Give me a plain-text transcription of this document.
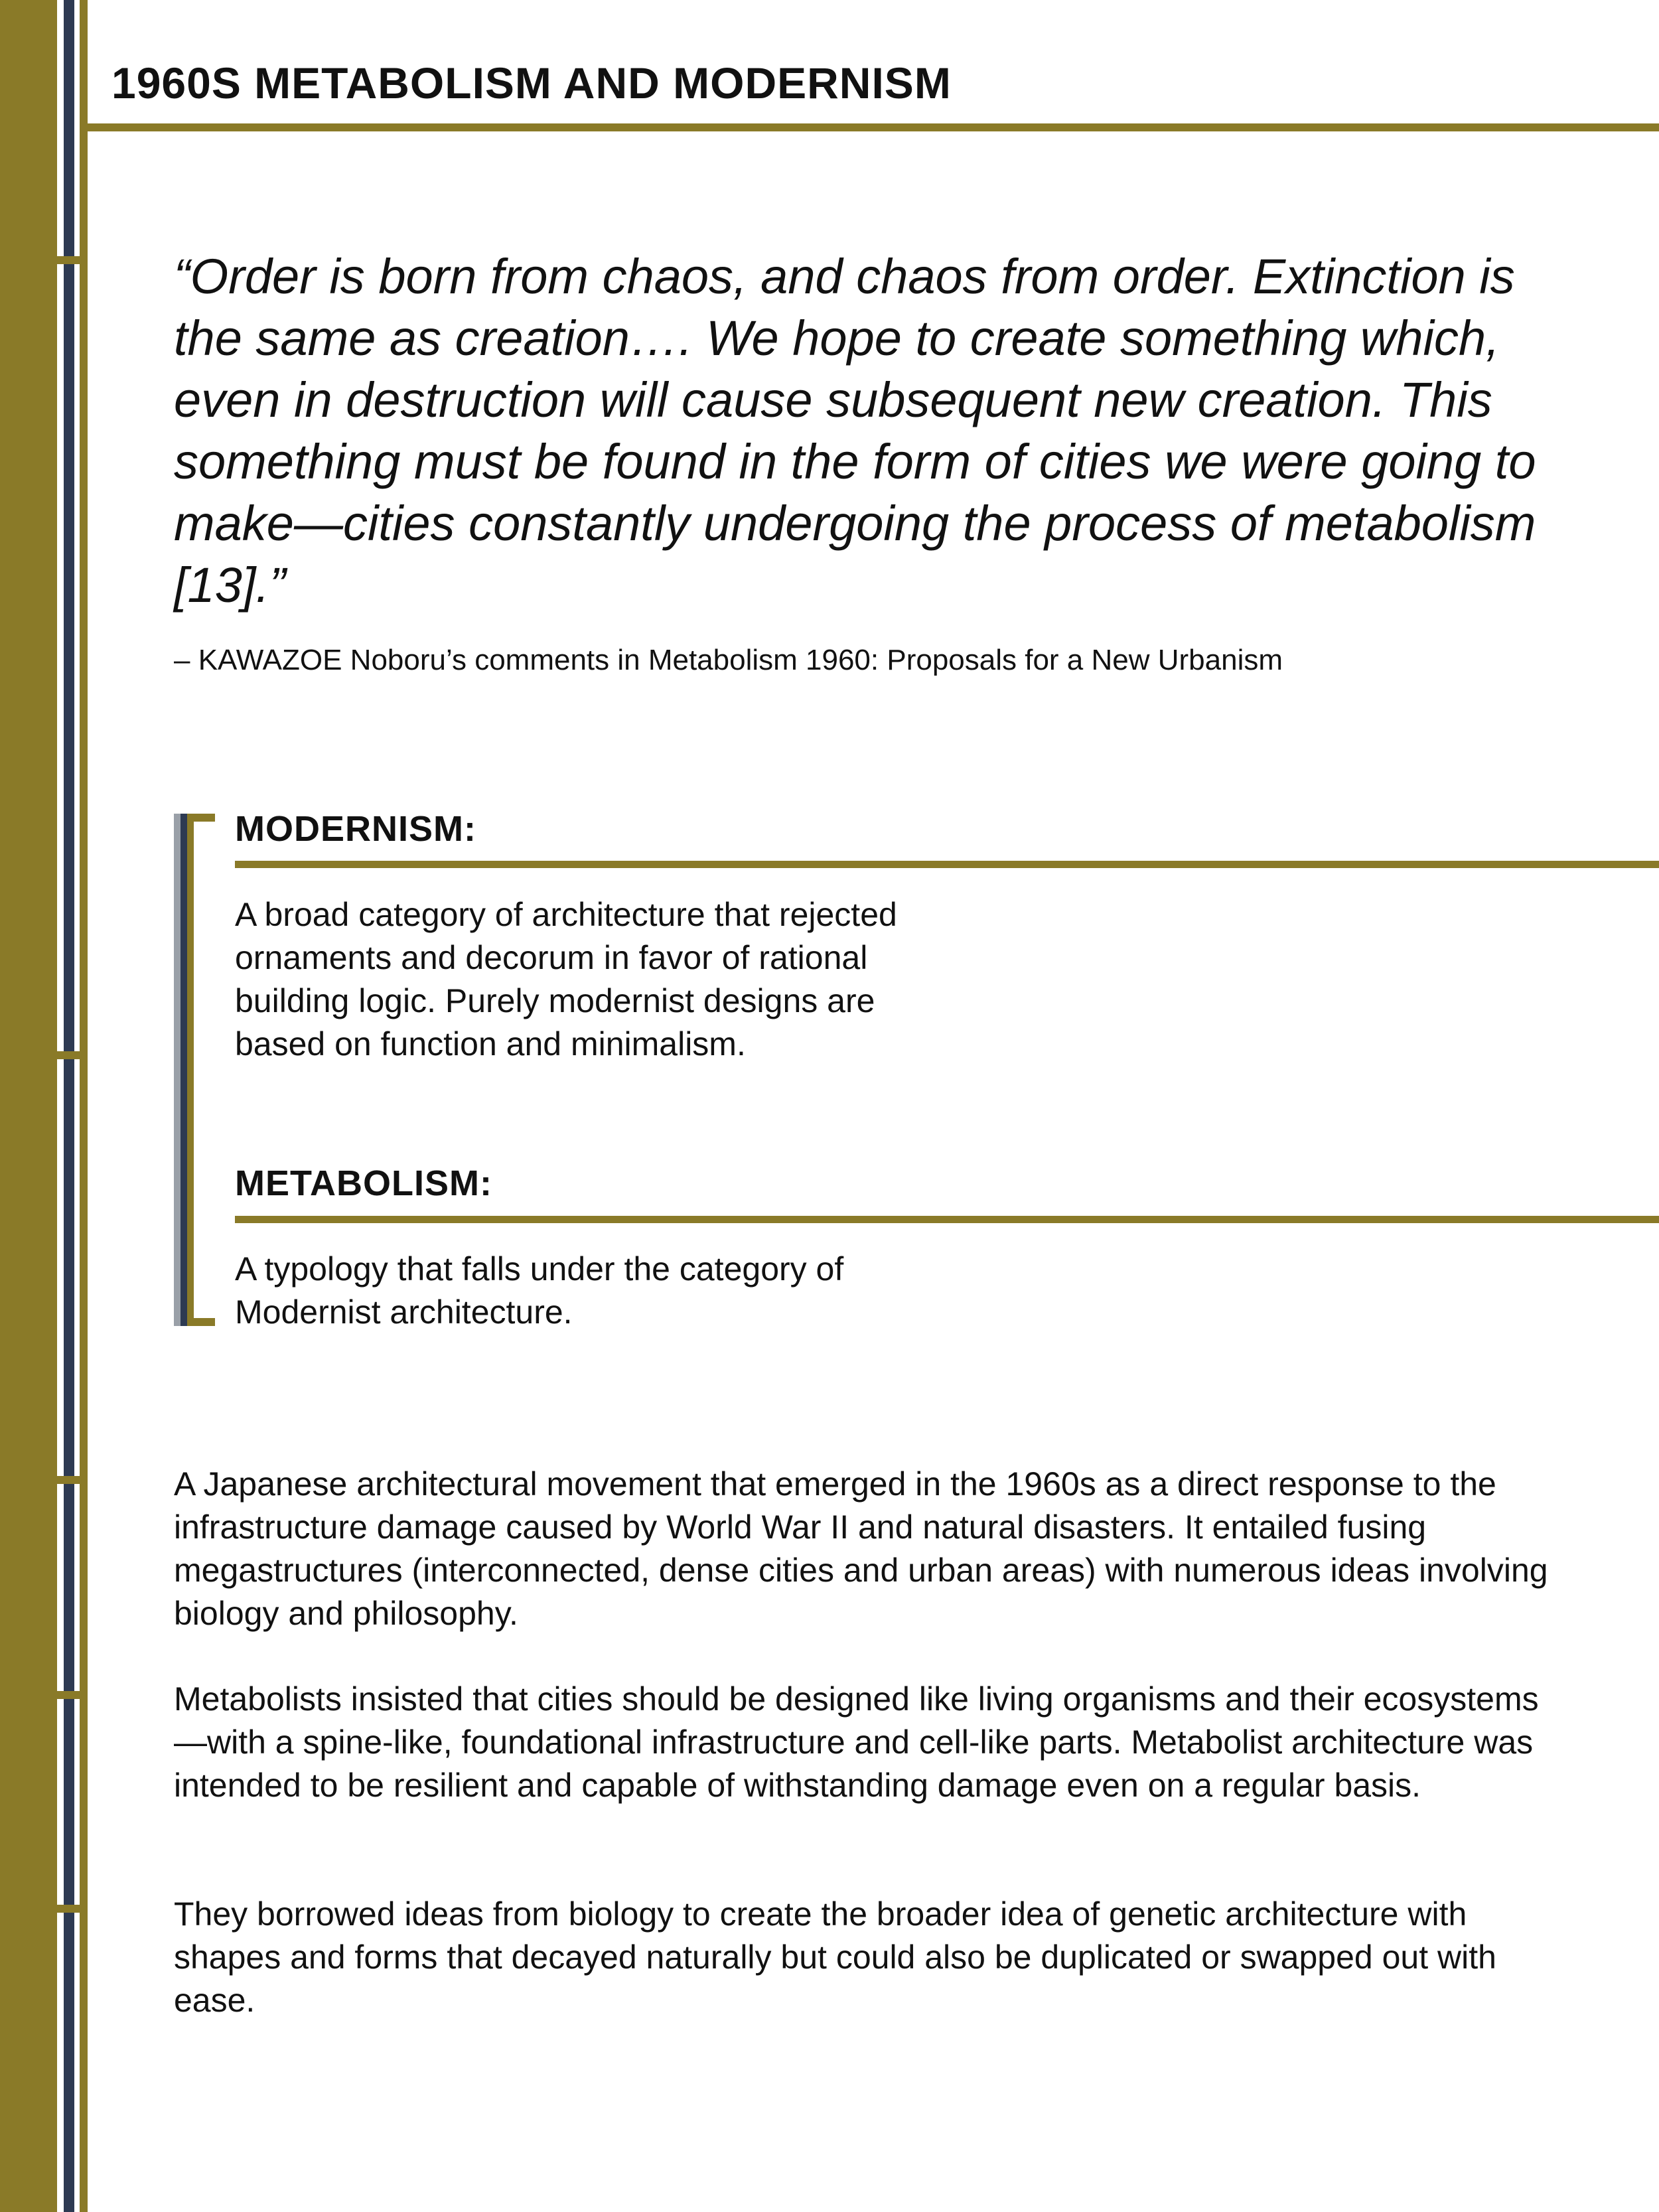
1960S METABOLISM AND MODERNISM

“Order is born from chaos, and chaos from order. Extinction is the same as creation…. We hope to create something which, even in destruction will cause subsequent new creation. This something must be found in the form of cities we were going to make—cities constantly undergoing the process of metabolism [13].”

– KAWAZOE Noboru’s comments in Metabolism 1960: Proposals for a New Urbanism

MODERNISM:

A broad category of architecture that rejected ornaments and decorum in favor of rational building logic. Purely modernist designs are based on function and minimalism.

METABOLISM:

A typology that falls under the category of Modernist architecture.

A Japanese architectural movement that emerged in the 1960s as a direct response to the infrastructure damage caused by World War II and natural disasters. It entailed fusing megastructures (interconnected, dense cities and urban areas) with numerous ideas involving biology and philosophy.

Metabolists insisted that cities should be designed like living organisms and their ecosystems—with a spine-like, foundational infrastructure and cell-like parts. Metabolist architecture was intended to be resilient and capable of withstanding damage even on a regular basis.

They borrowed ideas from biology to create the broader idea of genetic architecture with shapes and forms that decayed naturally but could also be duplicated or swapped out with ease.
